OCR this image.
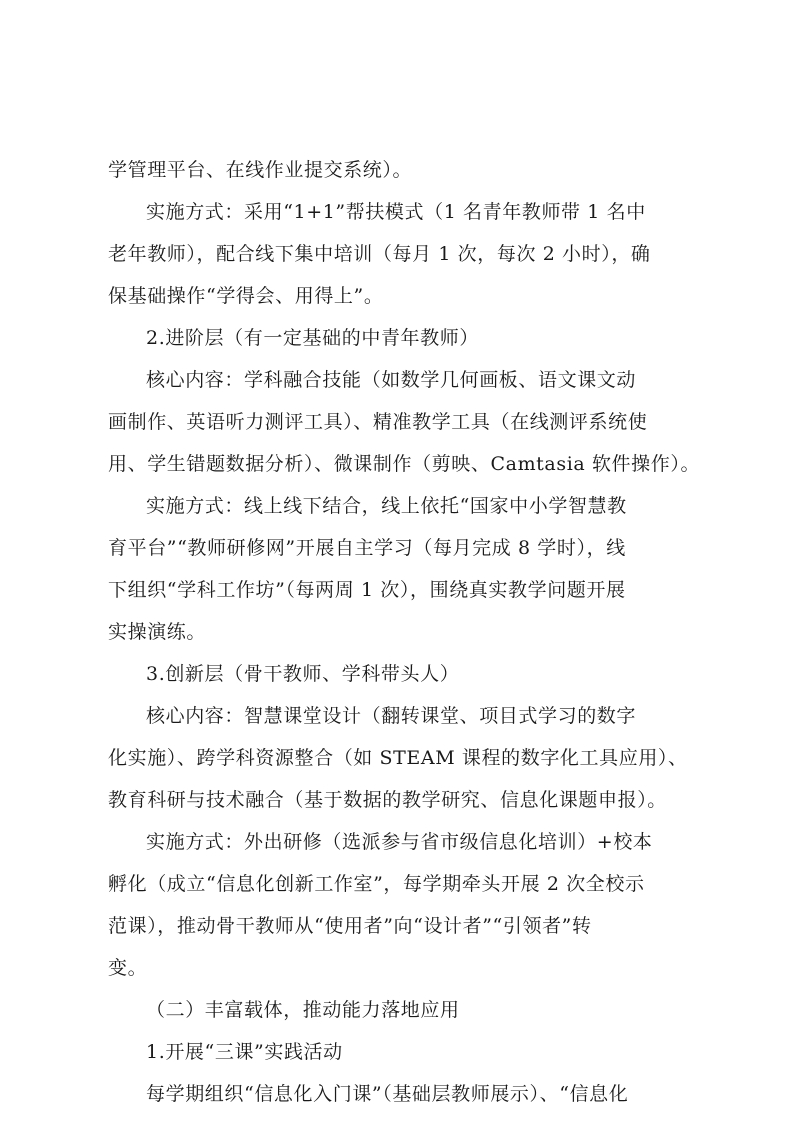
学管理平台、在线作业提交系统）。
实施方式：采用“1+1”帮扶模式（1 名青年教师带 1 名中
老年教师），配合线下集中培训（每月 1 次，每次 2 小时），确
保基础操作“学得会、用得上”。
2.进阶层（有一定基础的中青年教师）
核心内容：学科融合技能（如数学几何画板、语文课文动
画制作、英语听力测评工具）、精准教学工具（在线测评系统使
用、学生错题数据分析）、微课制作（剪映、Camtasia 软件操作）。
实施方式：线上线下结合，线上依托“国家中小学智慧教
育平台”“教师研修网”开展自主学习（每月完成 8 学时），线
下组织“学科工作坊”（每两周 1 次），围绕真实教学问题开展
实操演练。
3.创新层（骨干教师、学科带头人）
核心内容：智慧课堂设计（翻转课堂、项目式学习的数字
化实施）、跨学科资源整合（如 STEAM 课程的数字化工具应用）、
教育科研与技术融合（基于数据的教学研究、信息化课题申报）。
实施方式：外出研修（选派参与省市级信息化培训）+校本
孵化（成立“信息化创新工作室”，每学期牵头开展 2 次全校示
范课），推动骨干教师从“使用者”向“设计者”“引领者”转
变。
（二）丰富载体，推动能力落地应用
1.开展“三课”实践活动
每学期组织“信息化入门课”（基础层教师展示）、“信息化
